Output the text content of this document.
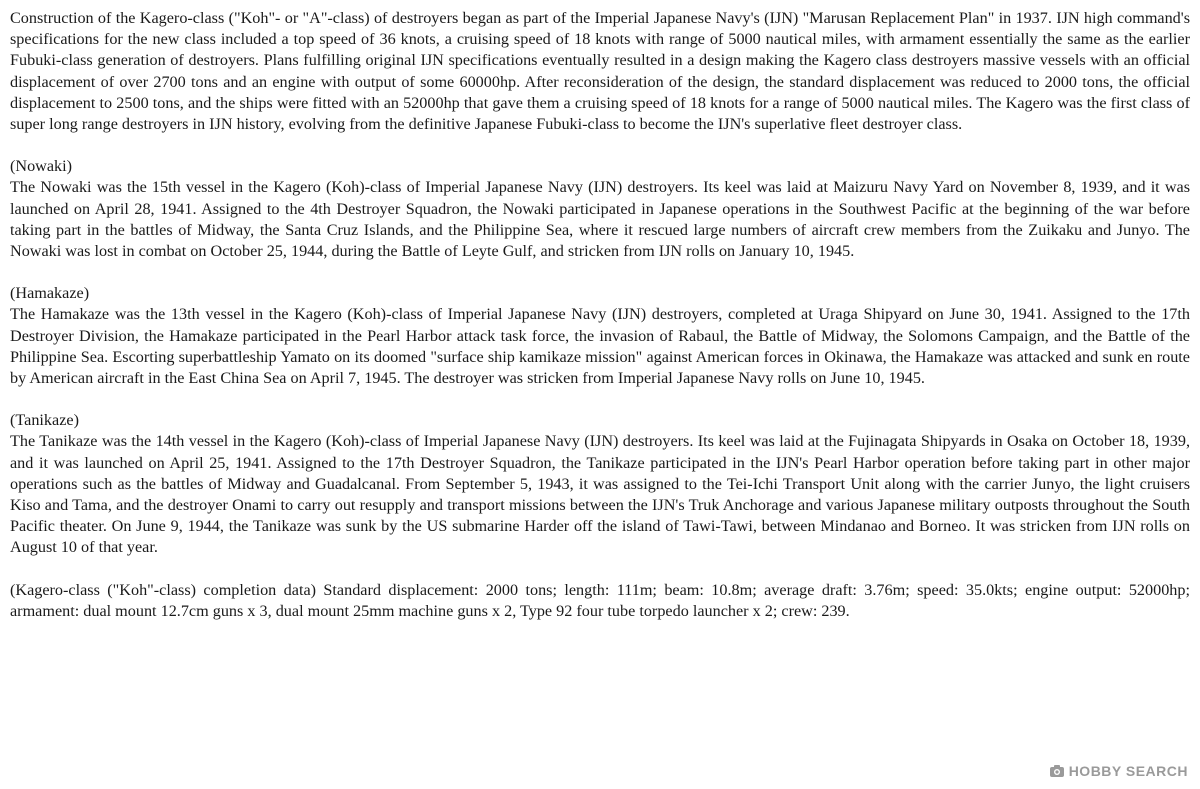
Construction of the Kagero-class ("Koh"- or "A"-class) of destroyers began as part of the Imperial Japanese Navy's (IJN) "Marusan Replacement Plan" in 1937. IJN high command's specifications for the new class included a top speed of 36 knots, a cruising speed of 18 knots with range of 5000 nautical miles, with armament essentially the same as the earlier Fubuki-class generation of destroyers. Plans fulfilling original IJN specifications eventually resulted in a design making the Kagero class destroyers massive vessels with an official displacement of over 2700 tons and an engine with output of some 60000hp. After reconsideration of the design, the standard displacement was reduced to 2000 tons, the official displacement to 2500 tons, and the ships were fitted with an 52000hp that gave them a cruising speed of 18 knots for a range of 5000 nautical miles. The Kagero was the first class of super long range destroyers in IJN history, evolving from the definitive Japanese Fubuki-class to become the IJN's superlative fleet destroyer class.

(Nowaki)

The Nowaki was the 15th vessel in the Kagero (Koh)-class of Imperial Japanese Navy (IJN) destroyers. Its keel was laid at Maizuru Navy Yard on November 8, 1939, and it was launched on April 28, 1941. Assigned to the 4th Destroyer Squadron, the Nowaki participated in Japanese operations in the Southwest Pacific at the beginning of the war before taking part in the battles of Midway, the Santa Cruz Islands, and the Philippine Sea, where it rescued large numbers of aircraft crew members from the Zuikaku and Junyo. The Nowaki was lost in combat on October 25, 1944, during the Battle of Leyte Gulf, and stricken from IJN rolls on January 10, 1945.

(Hamakaze)

The Hamakaze was the 13th vessel in the Kagero (Koh)-class of Imperial Japanese Navy (IJN) destroyers, completed at Uraga Shipyard on June 30, 1941. Assigned to the 17th Destroyer Division, the Hamakaze participated in the Pearl Harbor attack task force, the invasion of Rabaul, the Battle of Midway, the Solomons Campaign, and the Battle of the Philippine Sea. Escorting superbattleship Yamato on its doomed "surface ship kamikaze mission" against American forces in Okinawa, the Hamakaze was attacked and sunk en route by American aircraft in the East China Sea on April 7, 1945. The destroyer was stricken from Imperial Japanese Navy rolls on June 10, 1945.

(Tanikaze)

The Tanikaze was the 14th vessel in the Kagero (Koh)-class of Imperial Japanese Navy (IJN) destroyers. Its keel was laid at the Fujinagata Shipyards in Osaka on October 18, 1939, and it was launched on April 25, 1941. Assigned to the 17th Destroyer Squadron, the Tanikaze participated in the IJN's Pearl Harbor operation before taking part in other major operations such as the battles of Midway and Guadalcanal. From September 5, 1943, it was assigned to the Tei-Ichi Transport Unit along with the carrier Junyo, the light cruisers Kiso and Tama, and the destroyer Onami to carry out resupply and transport missions between the IJN's Truk Anchorage and various Japanese military outposts throughout the South Pacific theater. On June 9, 1944, the Tanikaze was sunk by the US submarine Harder off the island of Tawi-Tawi, between Mindanao and Borneo. It was stricken from IJN rolls on August 10 of that year.

(Kagero-class ("Koh"-class) completion data) Standard displacement: 2000 tons; length: 111m; beam: 10.8m; average draft: 3.76m; speed: 35.0kts; engine output: 52000hp; armament: dual mount 12.7cm guns x 3, dual mount 25mm machine guns x 2, Type 92 four tube torpedo launcher x 2; crew: 239.

HOBBY SEARCH
